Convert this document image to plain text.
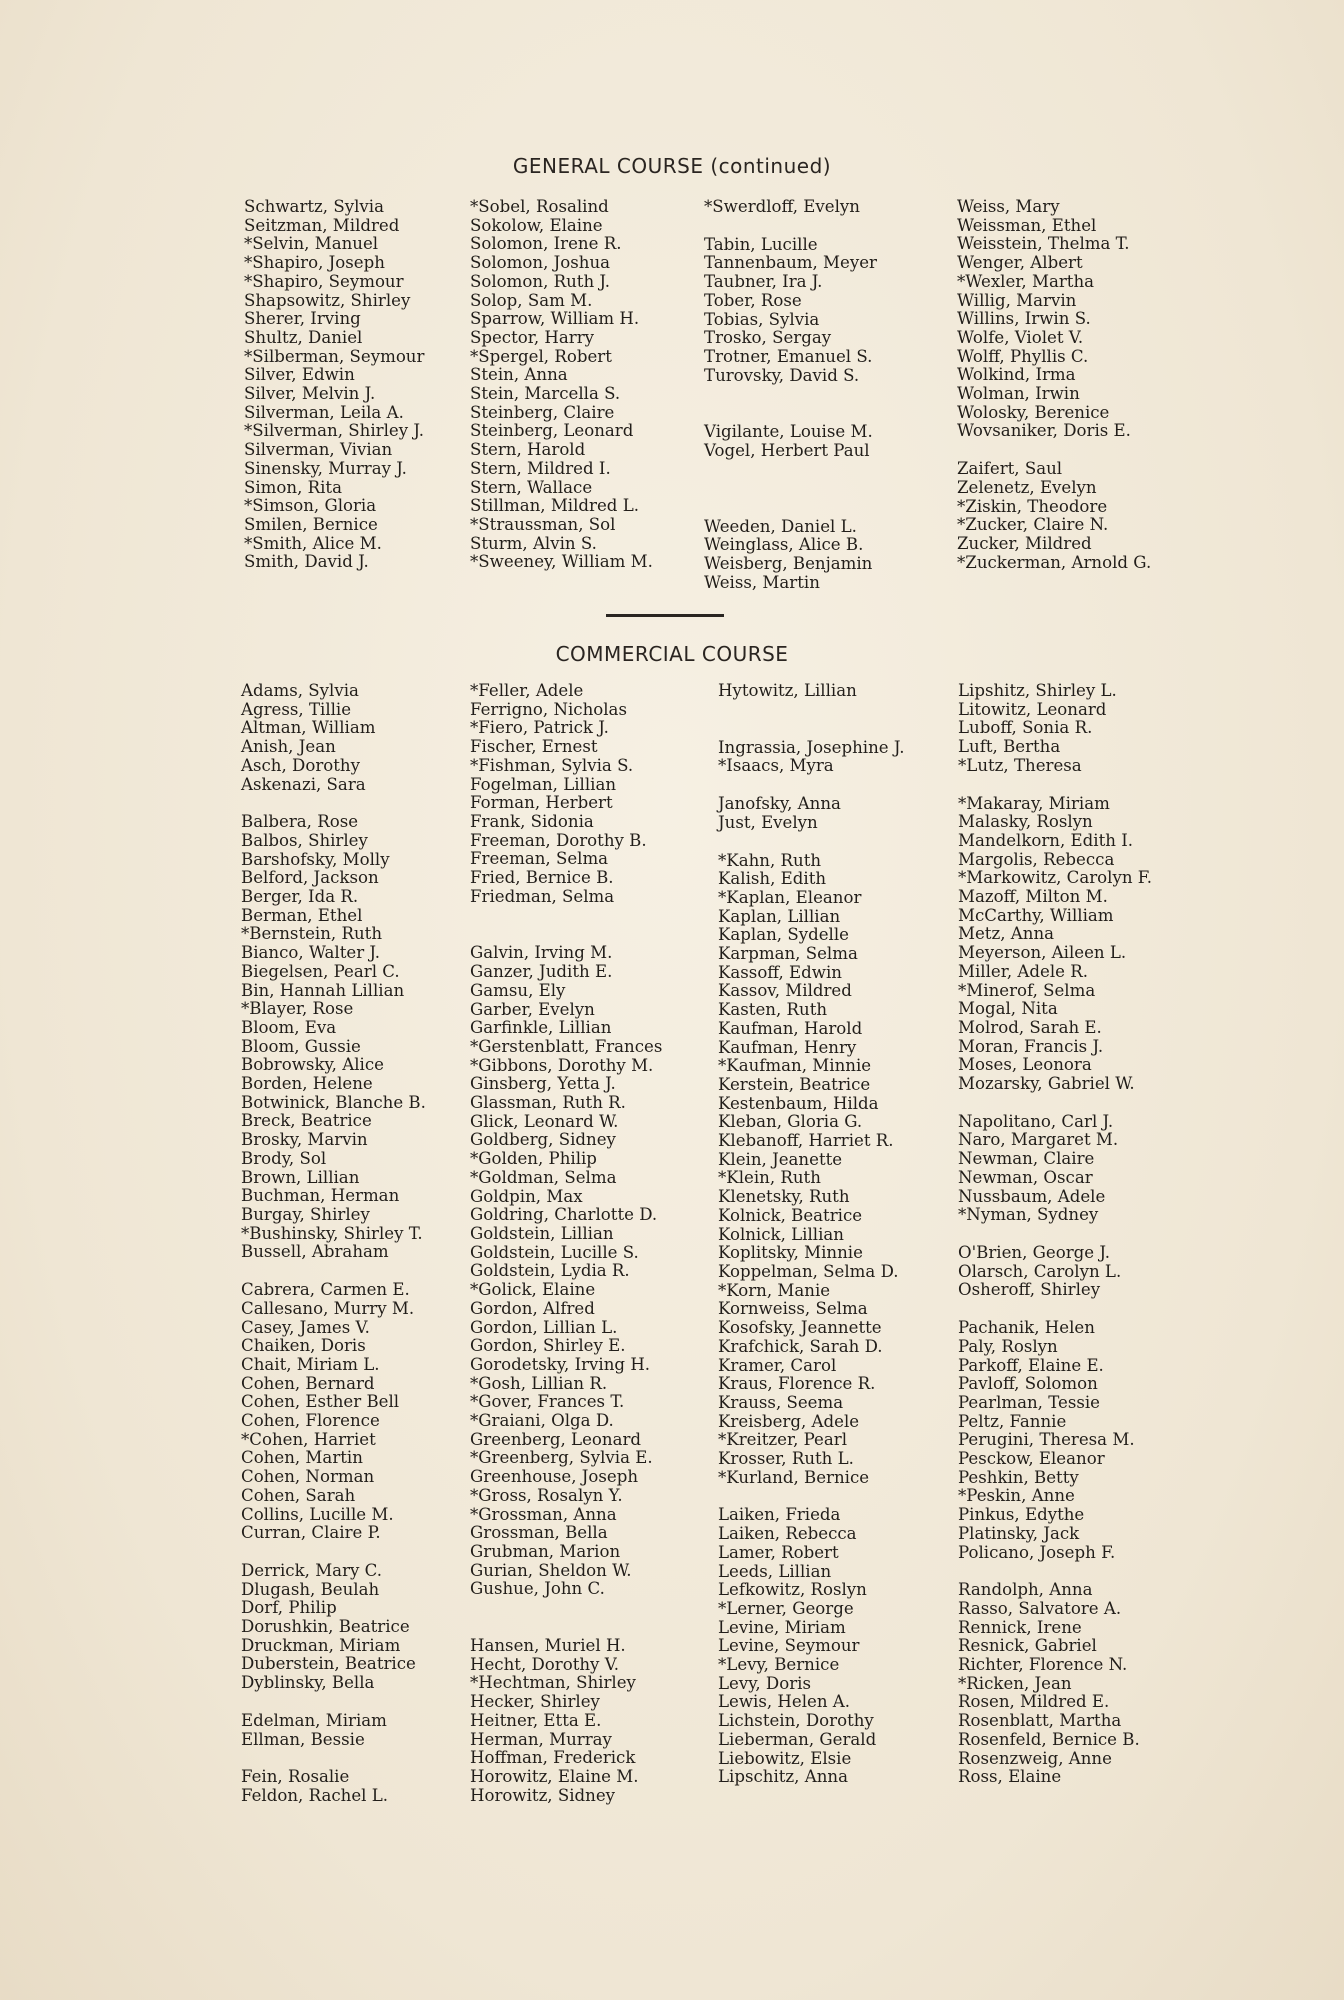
GENERAL COURSE (continued)
Schwartz, Sylvia
Seitzman, Mildred
*Selvin, Manuel
*Shapiro, Joseph
*Shapiro, Seymour
Shapsowitz, Shirley
Sherer, Irving
Shultz, Daniel
*Silberman, Seymour
Silver, Edwin
Silver, Melvin J.
Silverman, Leila A.
*Silverman, Shirley J.
Silverman, Vivian
Sinensky, Murray J.
Simon, Rita
*Simson, Gloria
Smilen, Bernice
*Smith, Alice M.
Smith, David J.
*Sobel, Rosalind
Sokolow, Elaine
Solomon, Irene R.
Solomon, Joshua
Solomon, Ruth J.
Solop, Sam M.
Sparrow, William H.
Spector, Harry
*Spergel, Robert
Stein, Anna
Stein, Marcella S.
Steinberg, Claire
Steinberg, Leonard
Stern, Harold
Stern, Mildred I.
Stern, Wallace
Stillman, Mildred L.
*Straussman, Sol
Sturm, Alvin S.
*Sweeney, William M.
*Swerdloff, Evelyn
Tabin, Lucille
Tannenbaum, Meyer
Taubner, Ira J.
Tober, Rose
Tobias, Sylvia
Trosko, Sergay
Trotner, Emanuel S.
Turovsky, David S.
Vigilante, Louise M.
Vogel, Herbert Paul
Weeden, Daniel L.
Weinglass, Alice B.
Weisberg, Benjamin
Weiss, Martin
Weiss, Mary
Weissman, Ethel
Weisstein, Thelma T.
Wenger, Albert
*Wexler, Martha
Willig, Marvin
Willins, Irwin S.
Wolfe, Violet V.
Wolff, Phyllis C.
Wolkind, Irma
Wolman, Irwin
Wolosky, Berenice
Wovsaniker, Doris E.
Zaifert, Saul
Zelenetz, Evelyn
*Ziskin, Theodore
*Zucker, Claire N.
Zucker, Mildred
*Zuckerman, Arnold G.
COMMERCIAL COURSE
Adams, Sylvia
Agress, Tillie
Altman, William
Anish, Jean
Asch, Dorothy
Askenazi, Sara
Balbera, Rose
Balbos, Shirley
Barshofsky, Molly
Belford, Jackson
Berger, Ida R.
Berman, Ethel
*Bernstein, Ruth
Bianco, Walter J.
Biegelsen, Pearl C.
Bin, Hannah Lillian
*Blayer, Rose
Bloom, Eva
Bloom, Gussie
Bobrowsky, Alice
Borden, Helene
Botwinick, Blanche B.
Breck, Beatrice
Brosky, Marvin
Brody, Sol
Brown, Lillian
Buchman, Herman
Burgay, Shirley
*Bushinsky, Shirley T.
Bussell, Abraham
Cabrera, Carmen E.
Callesano, Murry M.
Casey, James V.
Chaiken, Doris
Chait, Miriam L.
Cohen, Bernard
Cohen, Esther Bell
Cohen, Florence
*Cohen, Harriet
Cohen, Martin
Cohen, Norman
Cohen, Sarah
Collins, Lucille M.
Curran, Claire P.
Derrick, Mary C.
Dlugash, Beulah
Dorf, Philip
Dorushkin, Beatrice
Druckman, Miriam
Duberstein, Beatrice
Dyblinsky, Bella
Edelman, Miriam
Ellman, Bessie
Fein, Rosalie
Feldon, Rachel L.
*Feller, Adele
Ferrigno, Nicholas
*Fiero, Patrick J.
Fischer, Ernest
*Fishman, Sylvia S.
Fogelman, Lillian
Forman, Herbert
Frank, Sidonia
Freeman, Dorothy B.
Freeman, Selma
Fried, Bernice B.
Friedman, Selma
Galvin, Irving M.
Ganzer, Judith E.
Gamsu, Ely
Garber, Evelyn
Garfinkle, Lillian
*Gerstenblatt, Frances
*Gibbons, Dorothy M.
Ginsberg, Yetta J.
Glassman, Ruth R.
Glick, Leonard W.
Goldberg, Sidney
*Golden, Philip
*Goldman, Selma
Goldpin, Max
Goldring, Charlotte D.
Goldstein, Lillian
Goldstein, Lucille S.
Goldstein, Lydia R.
*Golick, Elaine
Gordon, Alfred
Gordon, Lillian L.
Gordon, Shirley E.
Gorodetsky, Irving H.
*Gosh, Lillian R.
*Gover, Frances T.
*Graiani, Olga D.
Greenberg, Leonard
*Greenberg, Sylvia E.
Greenhouse, Joseph
*Gross, Rosalyn Y.
*Grossman, Anna
Grossman, Bella
Grubman, Marion
Gurian, Sheldon W.
Gushue, John C.
Hansen, Muriel H.
Hecht, Dorothy V.
*Hechtman, Shirley
Hecker, Shirley
Heitner, Etta E.
Herman, Murray
Hoffman, Frederick
Horowitz, Elaine M.
Horowitz, Sidney
Hytowitz, Lillian
Ingrassia, Josephine J.
*Isaacs, Myra
Janofsky, Anna
Just, Evelyn
*Kahn, Ruth
Kalish, Edith
*Kaplan, Eleanor
Kaplan, Lillian
Kaplan, Sydelle
Karpman, Selma
Kassoff, Edwin
Kassov, Mildred
Kasten, Ruth
Kaufman, Harold
Kaufman, Henry
*Kaufman, Minnie
Kerstein, Beatrice
Kestenbaum, Hilda
Kleban, Gloria G.
Klebanoff, Harriet R.
Klein, Jeanette
*Klein, Ruth
Klenetsky, Ruth
Kolnick, Beatrice
Kolnick, Lillian
Koplitsky, Minnie
Koppelman, Selma D.
*Korn, Manie
Kornweiss, Selma
Kosofsky, Jeannette
Krafchick, Sarah D.
Kramer, Carol
Kraus, Florence R.
Krauss, Seema
Kreisberg, Adele
*Kreitzer, Pearl
Krosser, Ruth L.
*Kurland, Bernice
Laiken, Frieda
Laiken, Rebecca
Lamer, Robert
Leeds, Lillian
Lefkowitz, Roslyn
*Lerner, George
Levine, Miriam
Levine, Seymour
*Levy, Bernice
Levy, Doris
Lewis, Helen A.
Lichstein, Dorothy
Lieberman, Gerald
Liebowitz, Elsie
Lipschitz, Anna
Lipshitz, Shirley L.
Litowitz, Leonard
Luboff, Sonia R.
Luft, Bertha
*Lutz, Theresa
*Makaray, Miriam
Malasky, Roslyn
Mandelkorn, Edith I.
Margolis, Rebecca
*Markowitz, Carolyn F.
Mazoff, Milton M.
McCarthy, William
Metz, Anna
Meyerson, Aileen L.
Miller, Adele R.
*Minerof, Selma
Mogal, Nita
Molrod, Sarah E.
Moran, Francis J.
Moses, Leonora
Mozarsky, Gabriel W.
Napolitano, Carl J.
Naro, Margaret M.
Newman, Claire
Newman, Oscar
Nussbaum, Adele
*Nyman, Sydney
O'Brien, George J.
Olarsch, Carolyn L.
Osheroff, Shirley
Pachanik, Helen
Paly, Roslyn
Parkoff, Elaine E.
Pavloff, Solomon
Pearlman, Tessie
Peltz, Fannie
Perugini, Theresa M.
Pesckow, Eleanor
Peshkin, Betty
*Peskin, Anne
Pinkus, Edythe
Platinsky, Jack
Policano, Joseph F.
Randolph, Anna
Rasso, Salvatore A.
Rennick, Irene
Resnick, Gabriel
Richter, Florence N.
*Ricken, Jean
Rosen, Mildred E.
Rosenblatt, Martha
Rosenfeld, Bernice B.
Rosenzweig, Anne
Ross, Elaine
